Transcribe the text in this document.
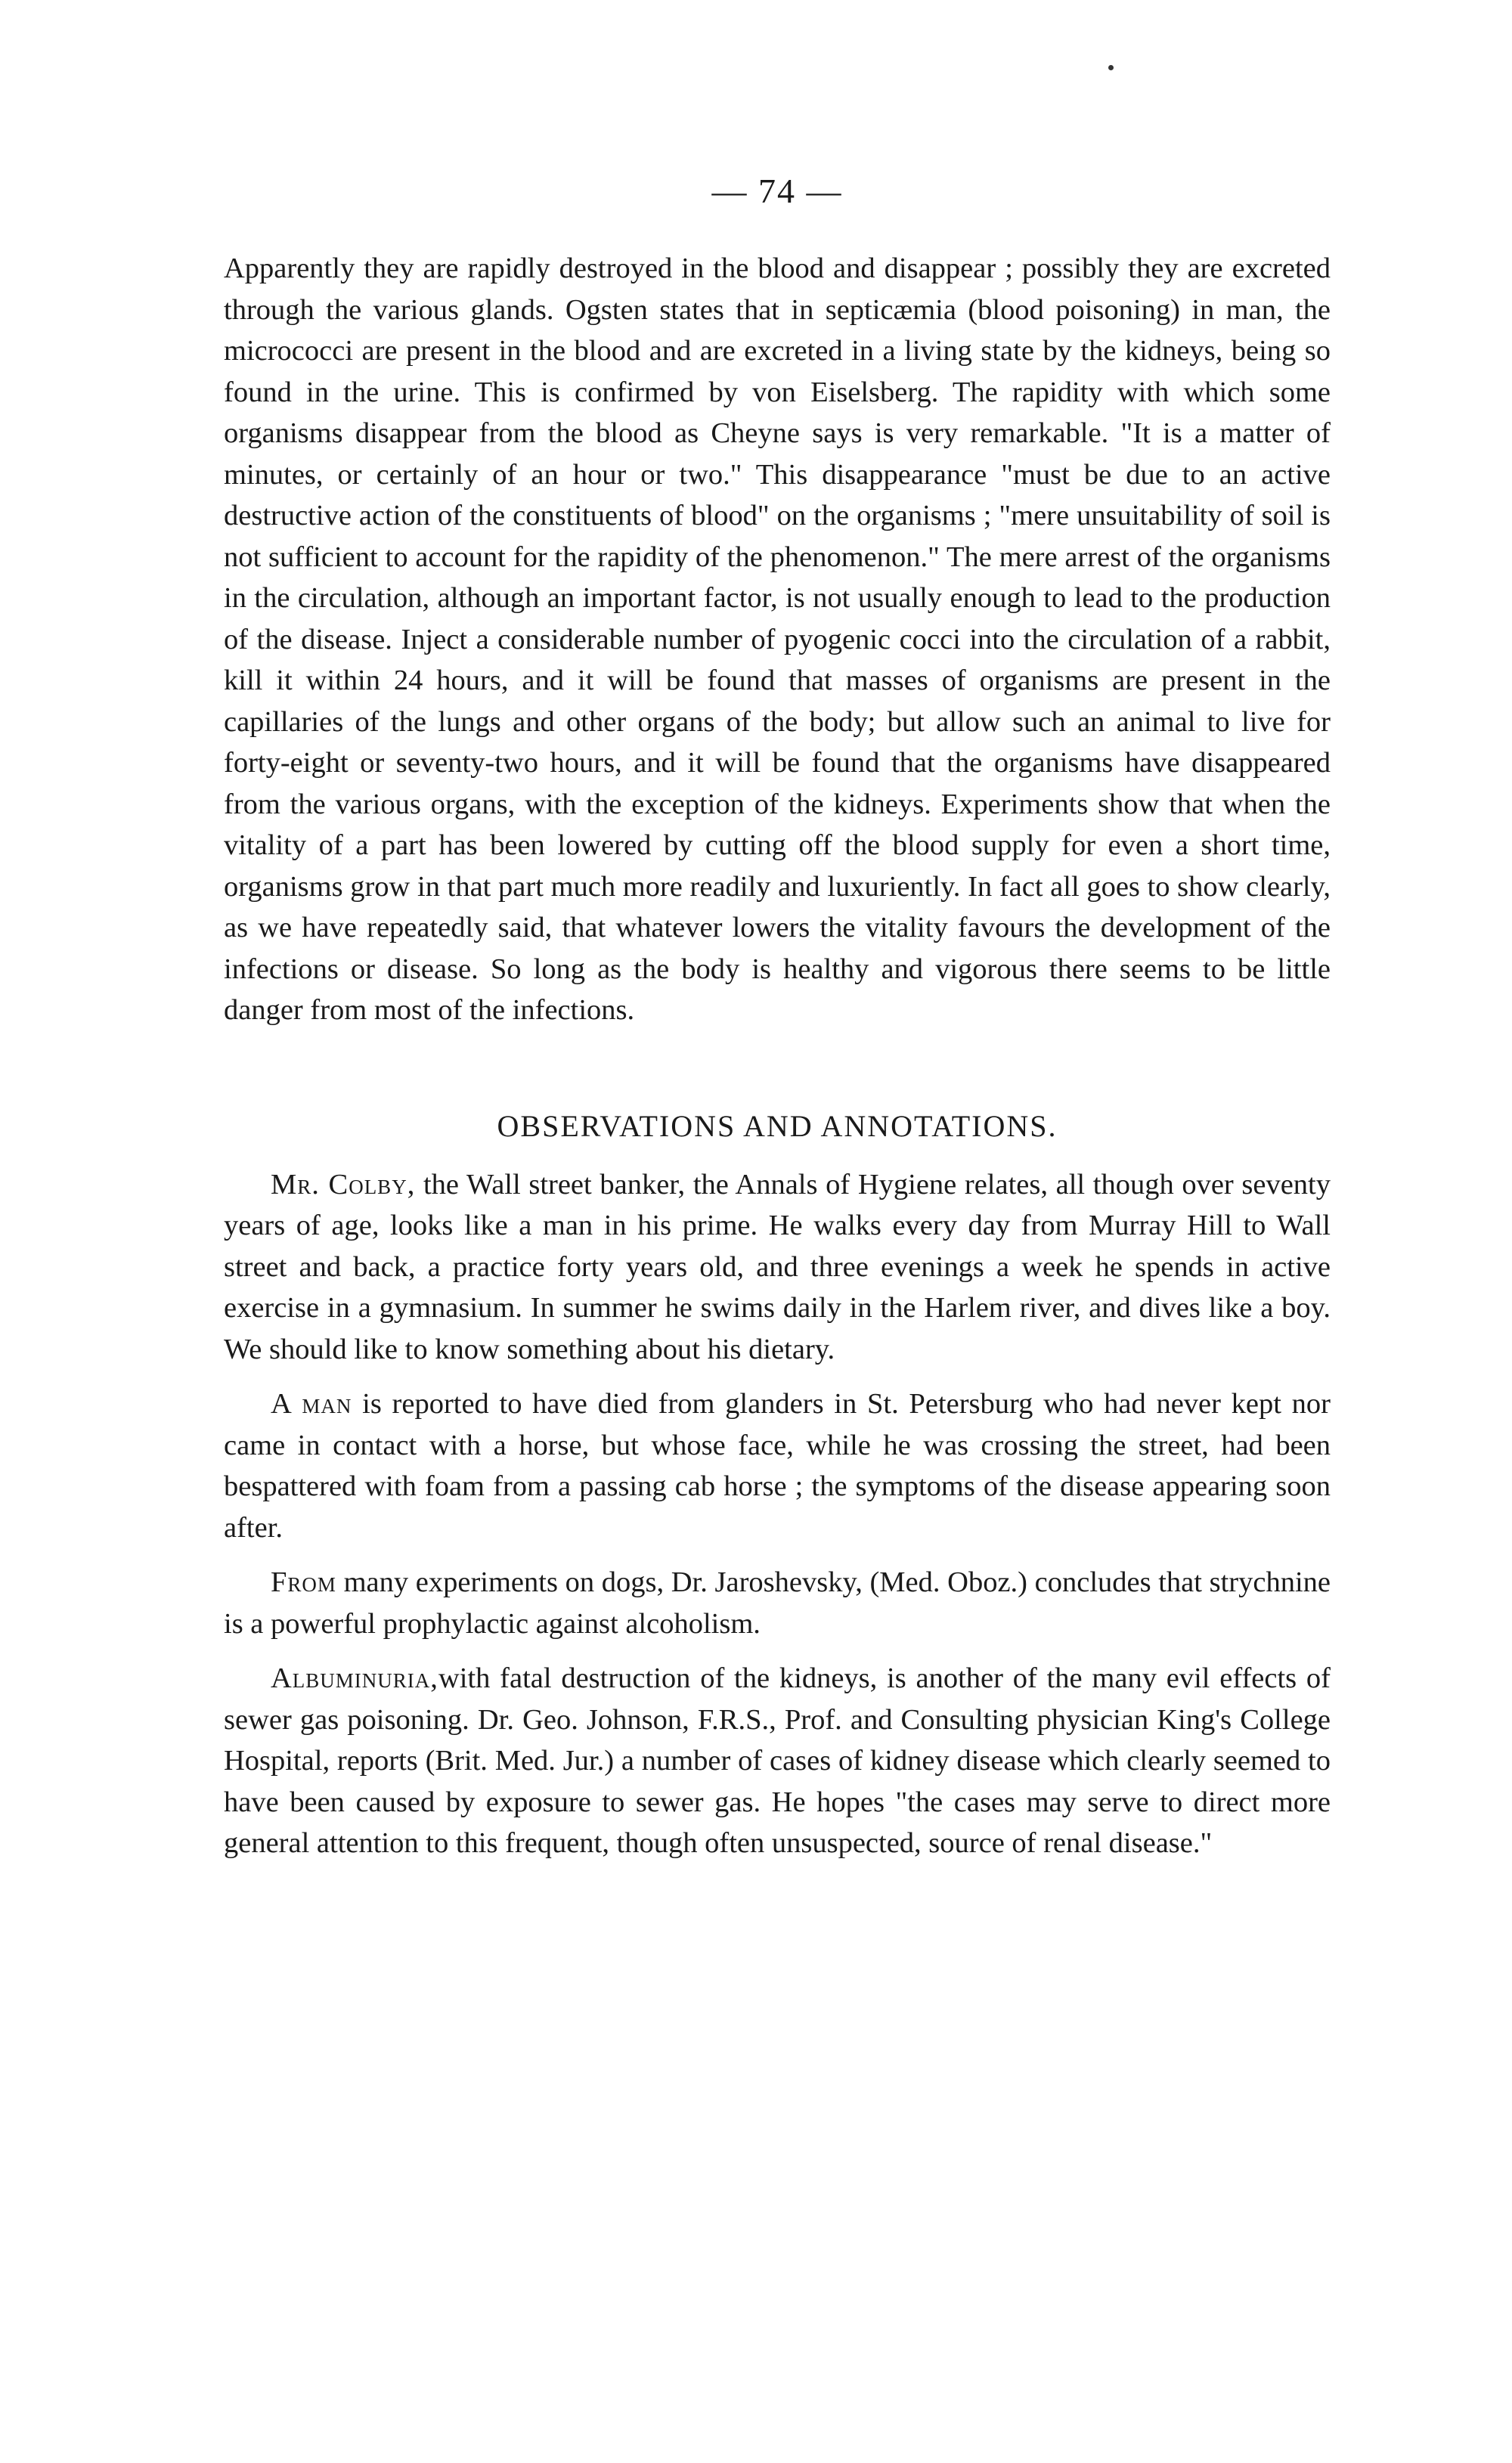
— 74 —

Apparently they are rapidly destroyed in the blood and disappear ; possibly they are excreted through the various glands. Ogsten states that in septicæmia (blood poisoning) in man, the micrococci are present in the blood and are excreted in a living state by the kidneys, being so found in the urine. This is confirmed by von Eiselsberg. The rapidity with which some organisms disappear from the blood as Cheyne says is very remarkable. "It is a matter of minutes, or certainly of an hour or two." This disappearance "must be due to an active destructive action of the constituents of blood" on the organisms ; "mere unsuitability of soil is not sufficient to account for the rapidity of the phenomenon." The mere arrest of the organisms in the circulation, although an important factor, is not usually enough to lead to the production of the disease. Inject a considerable number of pyogenic cocci into the circulation of a rabbit, kill it within 24 hours, and it will be found that masses of organisms are present in the capillaries of the lungs and other organs of the body; but allow such an animal to live for forty-eight or seventy-two hours, and it will be found that the organisms have disappeared from the various organs, with the exception of the kidneys. Experiments show that when the vitality of a part has been lowered by cutting off the blood supply for even a short time, organisms grow in that part much more readily and luxuriently. In fact all goes to show clearly, as we have repeatedly said, that whatever lowers the vitality favours the development of the infections or disease. So long as the body is healthy and vigorous there seems to be little danger from most of the infections.

OBSERVATIONS AND ANNOTATIONS.

Mr. Colby, the Wall street banker, the Annals of Hygiene relates, all though over seventy years of age, looks like a man in his prime. He walks every day from Murray Hill to Wall street and back, a practice forty years old, and three evenings a week he spends in active exercise in a gymnasium. In summer he swims daily in the Harlem river, and dives like a boy. We should like to know something about his dietary.

A man is reported to have died from glanders in St. Petersburg who had never kept nor came in contact with a horse, but whose face, while he was crossing the street, had been bespattered with foam from a passing cab horse ; the symptoms of the disease appearing soon after.

From many experiments on dogs, Dr. Jaroshevsky, (Med. Oboz.) concludes that strychnine is a powerful prophylactic against alcoholism.

Albuminuria,with fatal destruction of the kidneys, is another of the many evil effects of sewer gas poisoning. Dr. Geo. Johnson, F.R.S., Prof. and Consulting physician King's College Hospital, reports (Brit. Med. Jur.) a number of cases of kidney disease which clearly seemed to have been caused by exposure to sewer gas. He hopes "the cases may serve to direct more general attention to this frequent, though often unsuspected, source of renal disease."
